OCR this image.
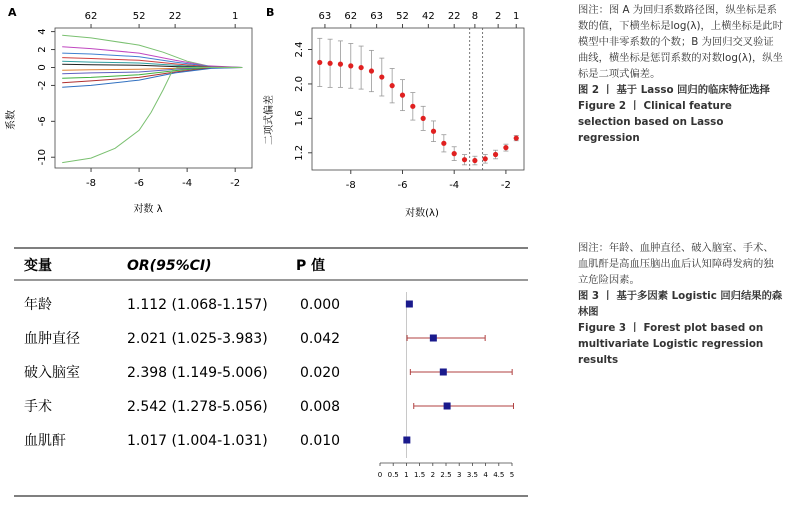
A
系数
对数 λ
4
2
0
-2
-6
-10
-8	-6	-4	-2
62	52 22	1	B
二项式偏差
对数(λ)
2.4
2.0
1.6
1.2
-8	-6	-4	-2
63 62 63 52 42 22 8 2 1

图注：图 A 为回归系数路径图，纵坐标是系数的值，下横坐标是log(λ)，上横坐标是此时模型中非零系数的个数；B 为回归交叉验证曲线，横坐标是惩罚系数的对数log(λ)，纵坐标是二项式偏差。

图 2 丨 基于 Lasso 回归的临床特征选择

Figure 2 丨 Clinical feature selection based on Lasso regression

变量	OR(95%CI)	P 值
年龄	1.112 (1.068-1.157) 0.000
血肿直径	2.021 (1.025-3.983) 0.042
破入脑室	2.398 (1.149-5.006) 0.020
手术	2.542 (1.278-5.056) 0.008
血肌酐	1.017 (1.004-1.031) 0.010
0 0.5 1 1.5 2 2.5 3 3.5 4 4.5 5

图注：年龄、血肿直径、破入脑室、手术、血肌酐是高血压脑出血后认知障碍发病的独立危险因素。

图 3 丨 基于多因素 Logistic 回归结果的森林图

Figure 3 丨 Forest plot based on multivariate Logistic regression results
